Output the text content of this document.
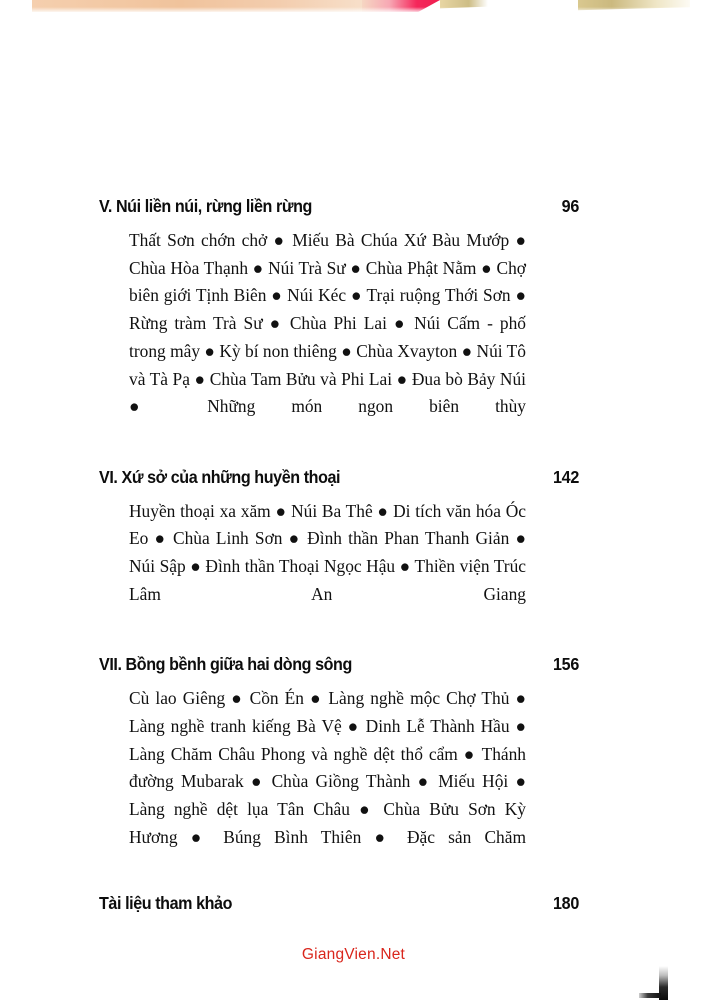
V. Núi liền núi, rừng liền rừng	96
Thất Sơn chớn chở ● Miếu Bà Chúa Xứ Bàu Mướp ● Chùa Hòa Thạnh ● Núi Trà Sư ● Chùa Phật Nằm ● Chợ biên giới Tịnh Biên ● Núi Kéc ● Trại ruộng Thới Sơn ● Rừng tràm Trà Sư ● Chùa Phi Lai ● Núi Cấm - phố trong mây ● Kỳ bí non thiêng ● Chùa Xvayton ● Núi Tô và Tà Pạ ● Chùa Tam Bửu và Phi Lai ● Đua bò Bảy Núi ● Những món ngon biên thùy
VI. Xứ sở của những huyền thoại	142
Huyền thoại xa xăm ● Núi Ba Thê ● Di tích văn hóa Óc Eo ● Chùa Linh Sơn ● Đình thần Phan Thanh Giản ● Núi Sập ● Đình thần Thoại Ngọc Hậu ● Thiền viện Trúc Lâm An Giang
VII. Bồng bềnh giữa hai dòng sông	156
Cù lao Giêng ● Cồn Én ● Làng nghề mộc Chợ Thủ ● Làng nghề tranh kiếng Bà Vệ ● Dinh Lễ Thành Hầu ● Làng Chăm Châu Phong và nghề dệt thổ cẩm ● Thánh đường Mubarak ● Chùa Giồng Thành ● Miếu Hội ● Làng nghề dệt lụa Tân Châu ● Chùa Bửu Sơn Kỳ Hương ● Búng Bình Thiên ● Đặc sản Chăm
Tài liệu tham khảo	180
GiangVien.Net
